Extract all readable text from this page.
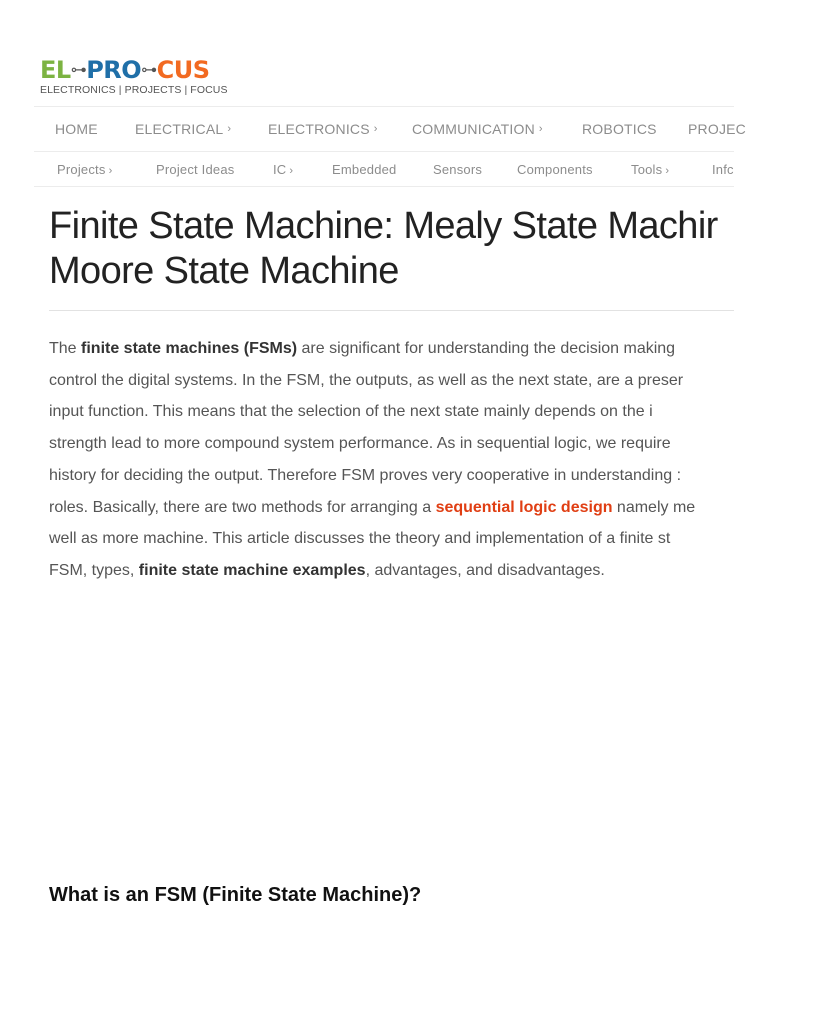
EL⊶PRO⊶CUS
ELECTRONICS | PROJECTS | FOCUS
HOME	ELECTRICAL ›	ELECTRONICS › COMMUNICATION ›	ROBOTICS PROJEC
Projects ›	Project Ideas	IC ›	Embedded	Sensors	Components	Tools ›	Infc
Finite State Machine: Mealy State Machir
Moore State Machine
The finite state machines (FSMs) are significant for understanding the decision making
control the digital systems. In the FSM, the outputs, as well as the next state, are a preser
input function. This means that the selection of the next state mainly depends on the i
strength lead to more compound system performance. As in sequential logic, we require
history for deciding the output. Therefore FSM proves very cooperative in understanding :
roles. Basically, there are two methods for arranging a sequential logic design namely me
well as more machine. This article discusses the theory and implementation of a finite st
FSM, types, finite state machine examples, advantages, and disadvantages.
What is an FSM (Finite State Machine)?
